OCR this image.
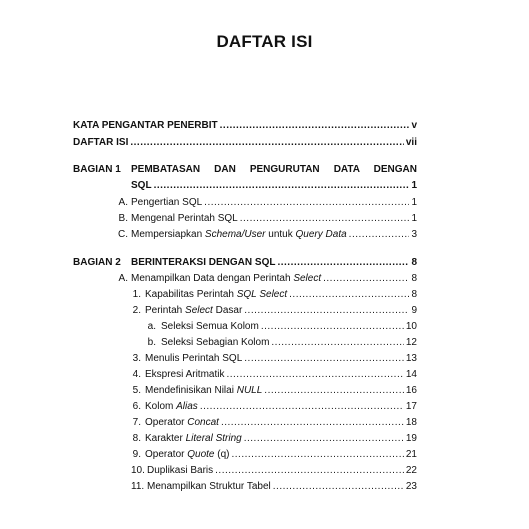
DAFTAR ISI
KATA PENGANTAR PENERBIT .....	v
DAFTAR ISI .....	vii
BAGIAN 1 PEMBATASAN DAN PENGURUTAN DATA DENGAN
SQL .....	1
A. Pengertian SQL .....	1
B. Mengenal Perintah SQL .....	1
C. Mempersiapkan Schema/User untuk Query Data .....	3
BAGIAN 2 BERINTERAKSI DENGAN SQL .....	8
A. Menampilkan Data dengan Perintah Select .....	8
1. Kapabilitas Perintah SQL Select .....	8
2. Perintah Select Dasar .....	9
a. Seleksi Semua Kolom .....	10
b. Seleksi Sebagian Kolom .....	12
3. Menulis Perintah SQL .....	13
4. Ekspresi Aritmatik .....	14
5. Mendefinisikan Nilai NULL .....	16
6. Kolom Alias .....	17
7. Operator Concat .....	18
8. Karakter Literal String .....	19
9. Operator Quote (q) .....	21
10. Duplikasi Baris .....	22
11. Menampilkan Struktur Tabel .....	23
